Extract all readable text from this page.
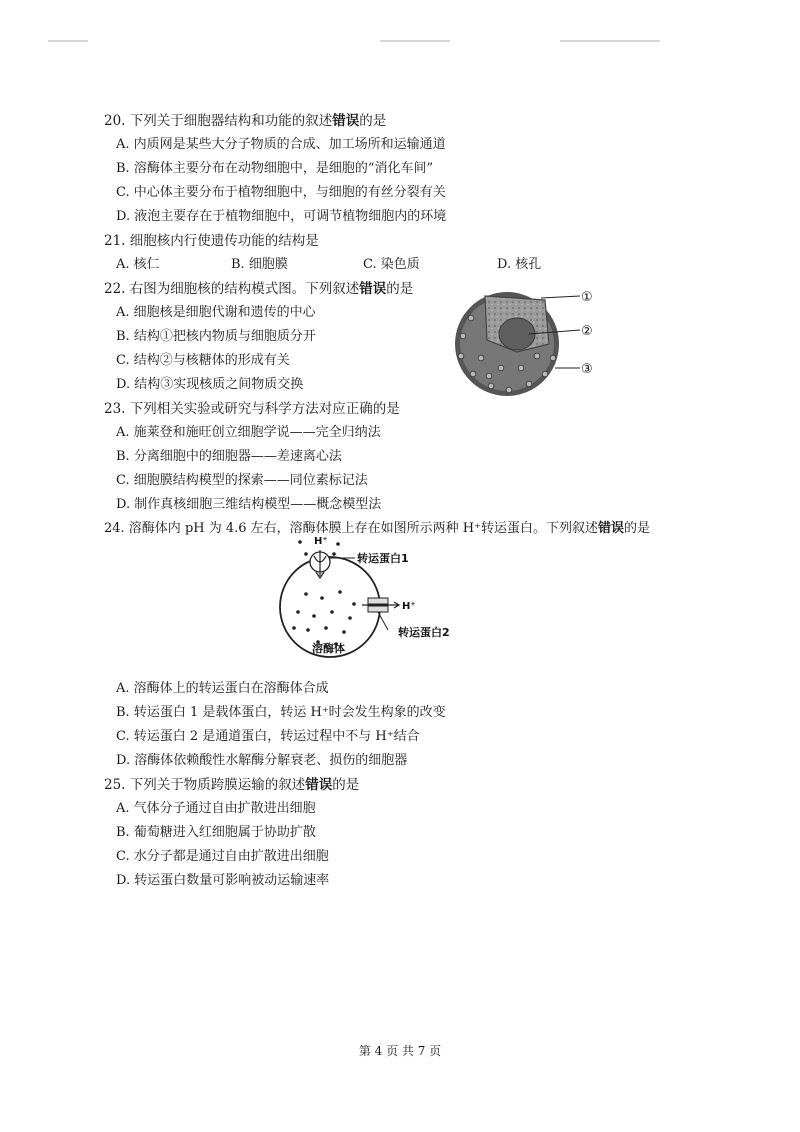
20. 下列关于细胞器结构和功能的叙述错误的是
A. 内质网是某些大分子物质的合成、加工场所和运输通道
B. 溶酶体主要分布在动物细胞中，是细胞的“消化车间”
C. 中心体主要分布于植物细胞中，与细胞的有丝分裂有关
D. 液泡主要存在于植物细胞中，可调节植物细胞内的环境
21. 细胞核内行使遗传功能的结构是
A. 核仁	B. 细胞膜	C. 染色质	D. 核孔
22. 右图为细胞核的结构模式图。下列叙述错误的是
A. 细胞核是细胞代谢和遗传的中心
B. 结构①把核内物质与细胞质分开
C. 结构②与核糖体的形成有关
D. 结构③实现核质之间物质交换
①
②
③
23. 下列相关实验或研究与科学方法对应正确的是
A. 施莱登和施旺创立细胞学说——完全归纳法
B. 分离细胞中的细胞器——差速离心法
C. 细胞膜结构模型的探索——同位素标记法
D. 制作真核细胞三维结构模型——概念模型法
24. 溶酶体内 pH 为 4.6 左右，溶酶体膜上存在如图所示两种 H⁺转运蛋白。下列叙述错误的是
H⁺
转运蛋白1
H⁺
转运蛋白2
溶酶体
A. 溶酶体上的转运蛋白在溶酶体合成
B. 转运蛋白 1 是载体蛋白，转运 H⁺时会发生构象的改变
C. 转运蛋白 2 是通道蛋白，转运过程中不与 H⁺结合
D. 溶酶体依赖酸性水解酶分解衰老、损伤的细胞器
25. 下列关于物质跨膜运输的叙述错误的是
A. 气体分子通过自由扩散进出细胞
B. 葡萄糖进入红细胞属于协助扩散
C. 水分子都是通过自由扩散进出细胞
D. 转运蛋白数量可影响被动运输速率
第 4 页 共 7 页
